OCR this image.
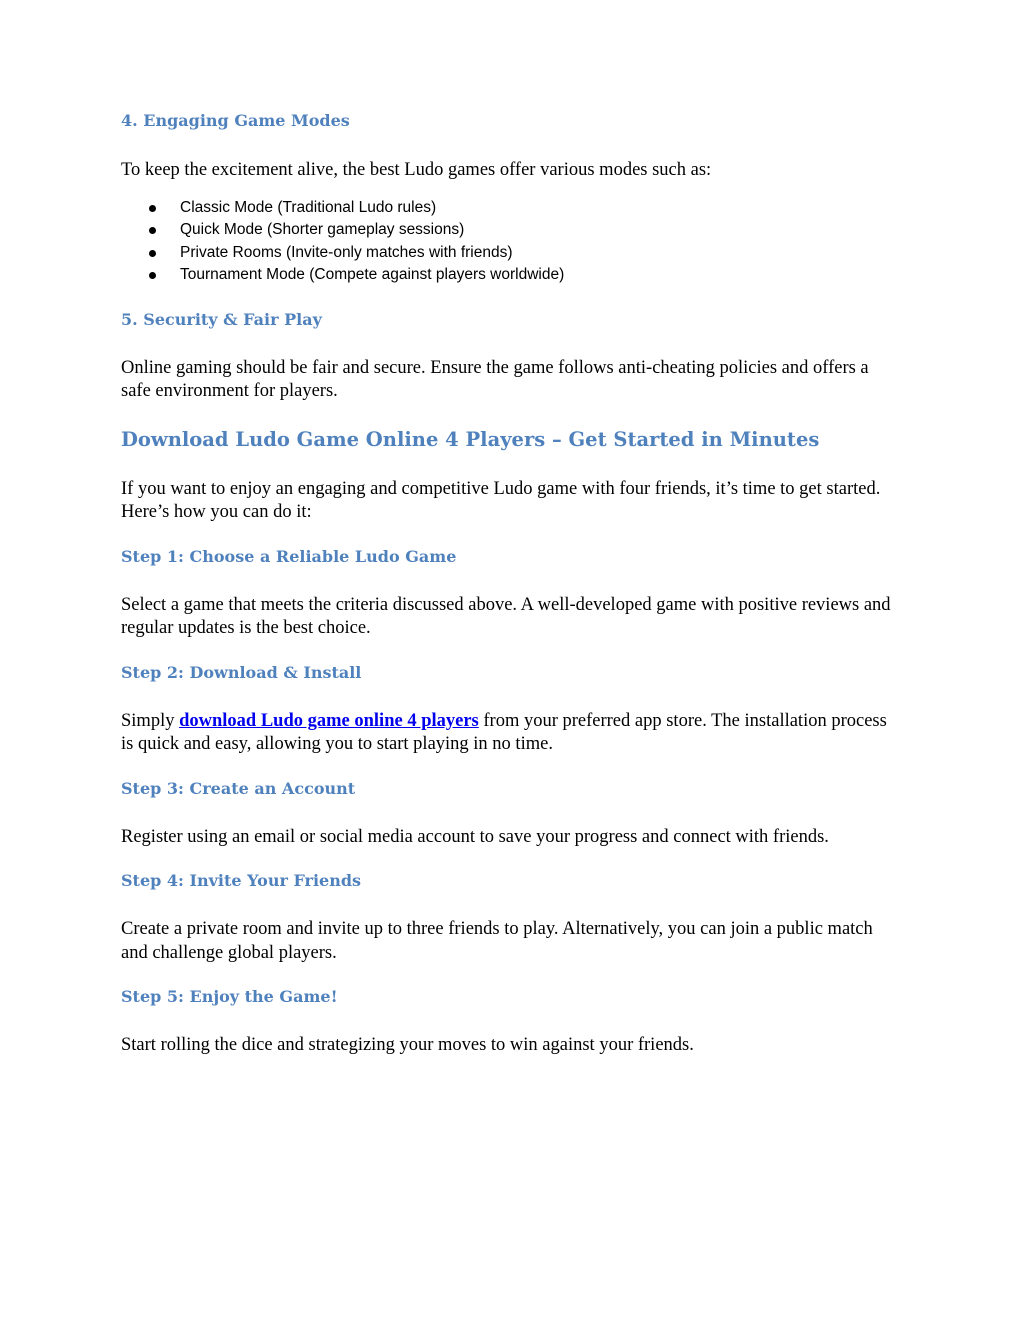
4. Engaging Game Modes

To keep the excitement alive, the best Ludo games offer various modes such as:

Classic Mode (Traditional Ludo rules)
Quick Mode (Shorter gameplay sessions)
Private Rooms (Invite-only matches with friends)
Tournament Mode (Compete against players worldwide)
5. Security & Fair Play

Online gaming should be fair and secure. Ensure the game follows anti-cheating policies and offers a safe environment for players.

Download Ludo Game Online 4 Players – Get Started in Minutes

If you want to enjoy an engaging and competitive Ludo game with four friends, it’s time to get started. Here’s how you can do it:

Step 1: Choose a Reliable Ludo Game

Select a game that meets the criteria discussed above. A well-developed game with positive reviews and regular updates is the best choice.

Step 2: Download & Install

Simply download Ludo game online 4 players from your preferred app store. The installation process is quick and easy, allowing you to start playing in no time.

Step 3: Create an Account

Register using an email or social media account to save your progress and connect with friends.

Step 4: Invite Your Friends

Create a private room and invite up to three friends to play. Alternatively, you can join a public match and challenge global players.

Step 5: Enjoy the Game!

Start rolling the dice and strategizing your moves to win against your friends.
